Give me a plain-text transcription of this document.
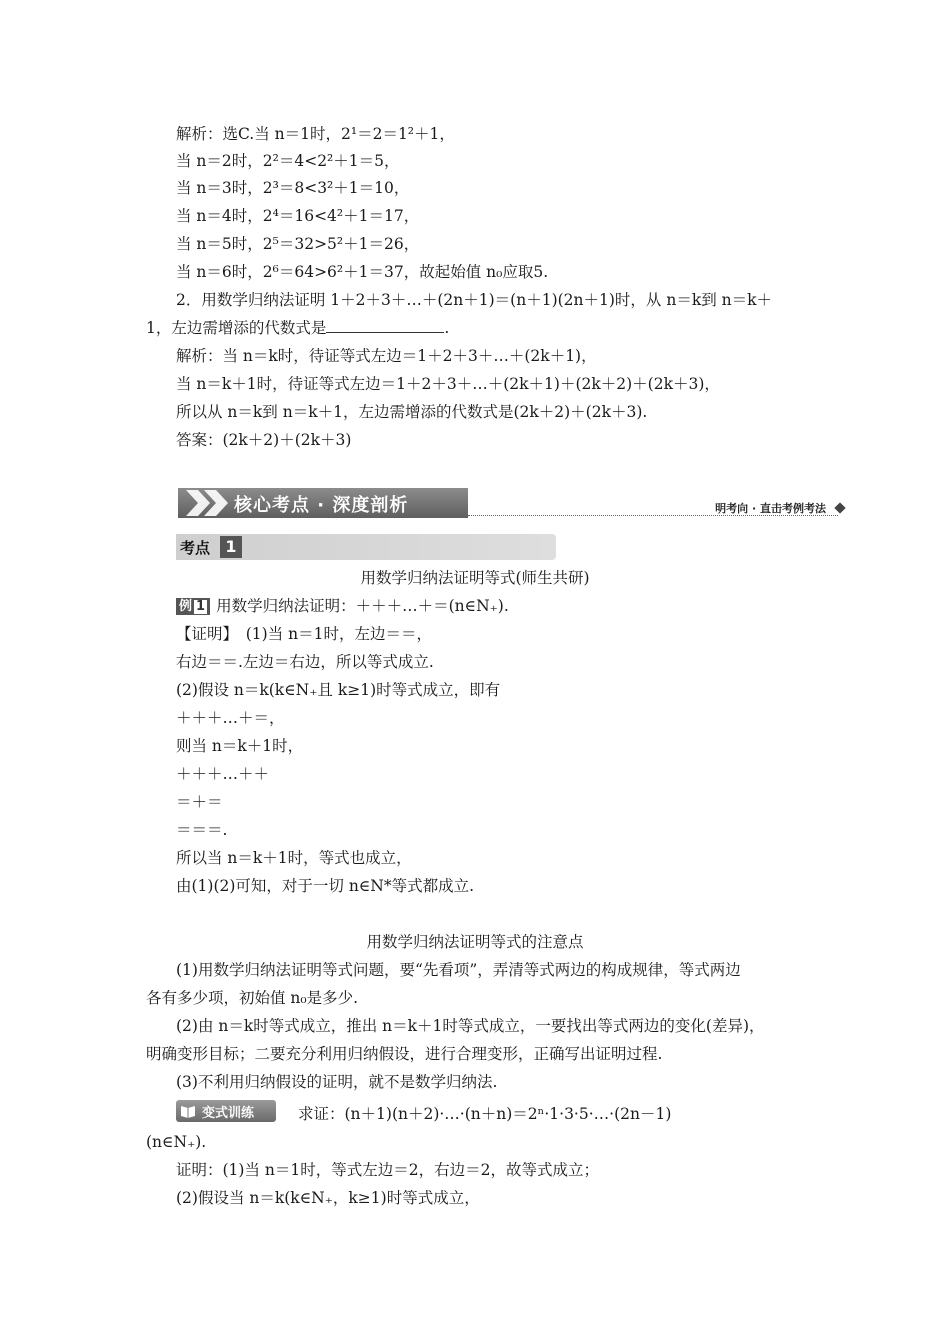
解析：选C.当 n＝1时，2¹＝2＝1²＋1，
当 n＝2时，2²＝4<2²＋1＝5，
当 n＝3时，2³＝8<3²＋1＝10，
当 n＝4时，2⁴＝16<4²＋1＝17，
当 n＝5时，2⁵＝32>5²＋1＝26，
当 n＝6时，2⁶＝64>6²＋1＝37，故起始值 n₀应取5.
2．用数学归纳法证明 1＋2＋3＋…＋(2n＋1)＝(n＋1)(2n＋1)时，从 n＝k到 n＝k＋
1，左边需增添的代数式是	.
解析：当 n＝k时，待证等式左边＝1＋2＋3＋…＋(2k＋1)，
当 n＝k＋1时，待证等式左边＝1＋2＋3＋…＋(2k＋1)＋(2k＋2)＋(2k＋3)，
所以从 n＝k到 n＝k＋1，左边需增添的代数式是(2k＋2)＋(2k＋3).
答案：(2k＋2)＋(2k＋3)
核心考点 · 深度剖析	明考向 · 直击考例考法
考点 1
用数学归纳法证明等式(师生共研)
例 1 用数学归纳法证明：＋＋＋…＋＝(n∈N₊).
【证明】　(1)当 n＝1时，左边＝＝，
右边＝＝.左边＝右边，所以等式成立.
(2)假设 n＝k(k∈N₊且 k≥1)时等式成立，即有
＋＋＋…＋＝，
则当 n＝k＋1时，
＋＋＋…＋＋
＝＋＝
＝＝＝.
所以当 n＝k＋1时，等式也成立，
由(1)(2)可知，对于一切 n∈N*等式都成立.
用数学归纳法证明等式的注意点
(1)用数学归纳法证明等式问题，要“先看项”，弄清等式两边的构成规律，等式两边
各有多少项，初始值 n₀是多少.
(2)由 n＝k时等式成立，推出 n＝k＋1时等式成立，一要找出等式两边的变化(差异)，
明确变形目标；二要充分利用归纳假设，进行合理变形，正确写出证明过程.
(3)不利用归纳假设的证明，就不是数学归纳法.
变式训练	求证：(n＋1)(n＋2)·…·(n＋n)＝2ⁿ·1·3·5·…·(2n－1)
(n∈N₊).
证明：(1)当 n＝1时，等式左边＝2，右边＝2，故等式成立；
(2)假设当 n＝k(k∈N₊，k≥1)时等式成立，
